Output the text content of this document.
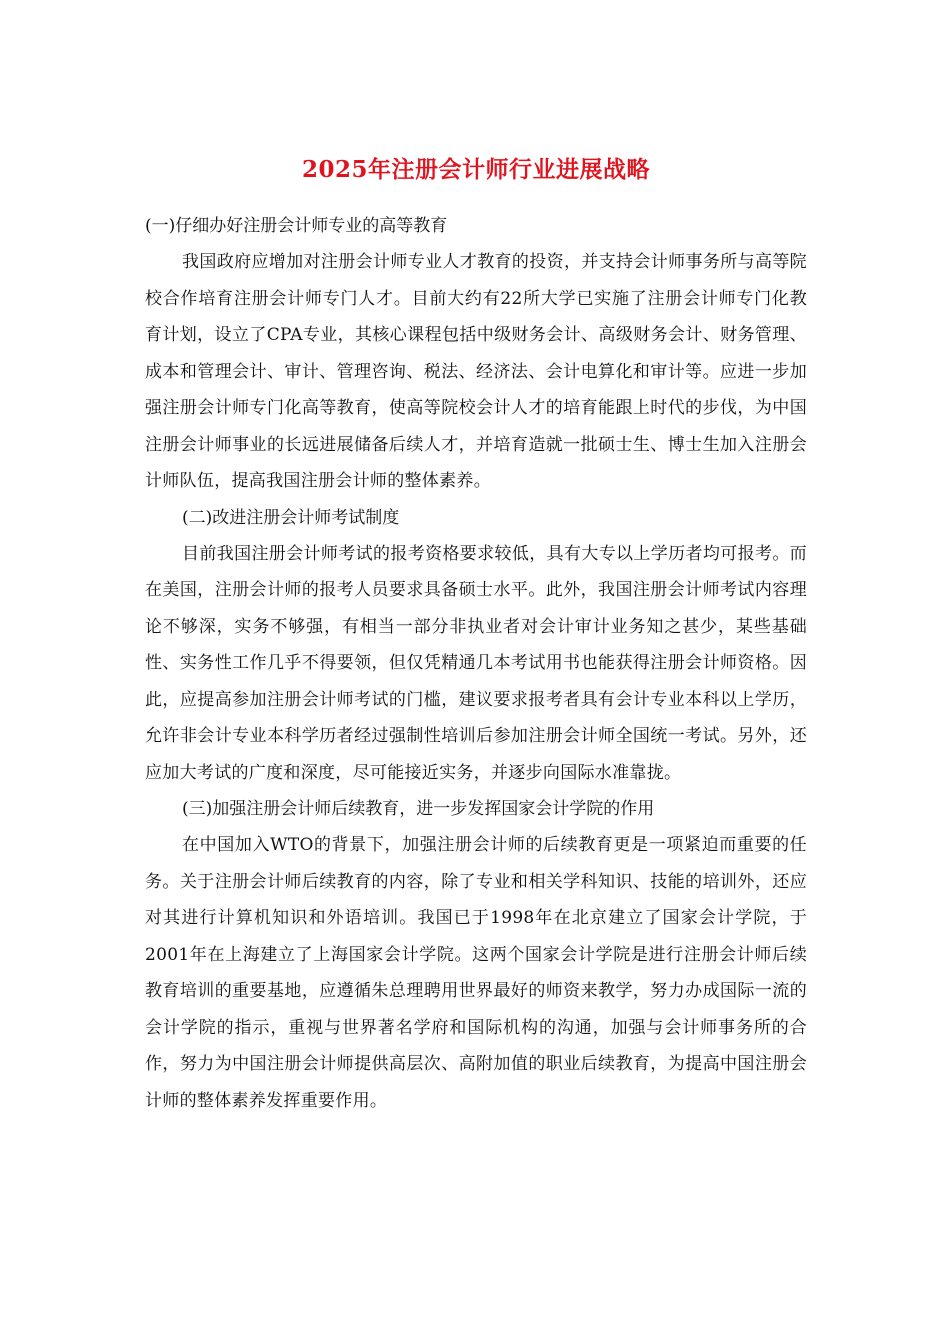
2025年注册会计师行业进展战略

(一)仔细办好注册会计师专业的高等教育

我国政府应增加对注册会计师专业人才教育的投资，并支持会计师事务所与高等院校合作培育注册会计师专门人才。目前大约有22所大学已实施了注册会计师专门化教育计划，设立了CPA专业，其核心课程包括中级财务会计、高级财务会计、财务管理、成本和管理会计、审计、管理咨询、税法、经济法、会计电算化和审计等。应进一步加强注册会计师专门化高等教育，使高等院校会计人才的培育能跟上时代的步伐，为中国注册会计师事业的长远进展储备后续人才，并培育造就一批硕士生、博士生加入注册会计师队伍，提高我国注册会计师的整体素养。

(二)改进注册会计师考试制度

目前我国注册会计师考试的报考资格要求较低，具有大专以上学历者均可报考。而在美国，注册会计师的报考人员要求具备硕士水平。此外，我国注册会计师考试内容理论不够深，实务不够强，有相当一部分非执业者对会计审计业务知之甚少，某些基础性、实务性工作几乎不得要领，但仅凭精通几本考试用书也能获得注册会计师资格。因此，应提高参加注册会计师考试的门槛，建议要求报考者具有会计专业本科以上学历，允许非会计专业本科学历者经过强制性培训后参加注册会计师全国统一考试。另外，还应加大考试的广度和深度，尽可能接近实务，并逐步向国际水准靠拢。

(三)加强注册会计师后续教育，进一步发挥国家会计学院的作用

在中国加入WTO的背景下，加强注册会计师的后续教育更是一项紧迫而重要的任务。关于注册会计师后续教育的内容，除了专业和相关学科知识、技能的培训外，还应对其进行计算机知识和外语培训。我国已于1998年在北京建立了国家会计学院，于2001年在上海建立了上海国家会计学院。这两个国家会计学院是进行注册会计师后续教育培训的重要基地，应遵循朱总理聘用世界最好的师资来教学，努力办成国际一流的会计学院的指示，重视与世界著名学府和国际机构的沟通，加强与会计师事务所的合作，努力为中国注册会计师提供高层次、高附加值的职业后续教育，为提高中国注册会计师的整体素养发挥重要作用。
